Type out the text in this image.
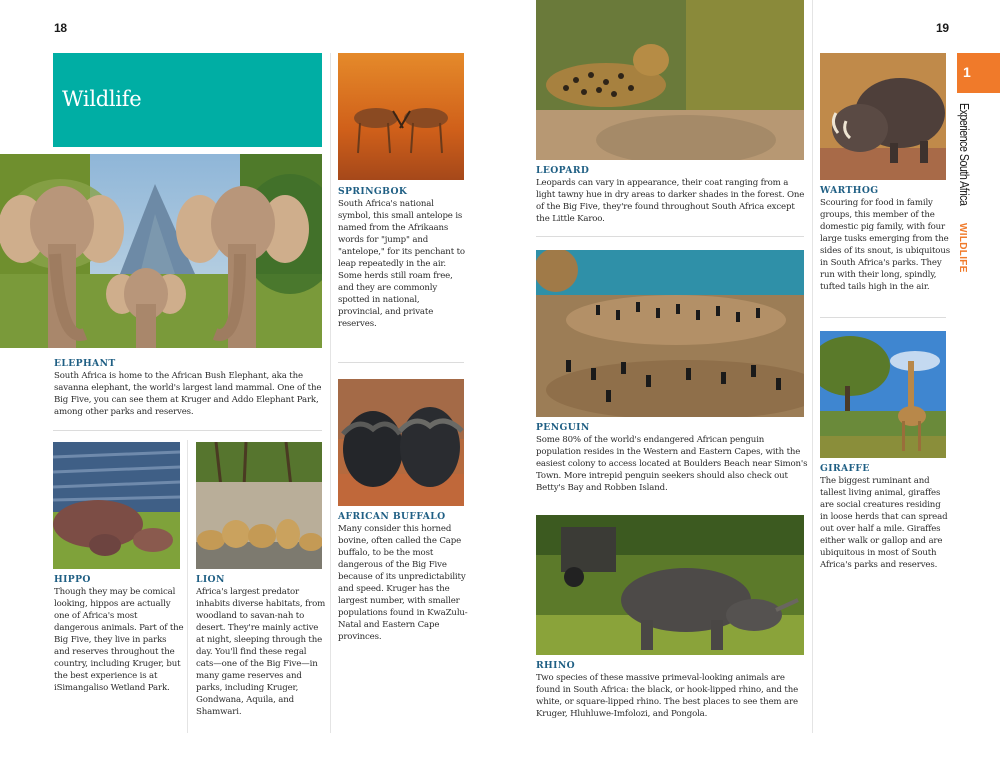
18	19
Wildlife
1
Experience South Africa WILDLIFE
ELEPHANT

South Africa is home to the African Bush Elephant, aka the savanna elephant, the world's largest land mammal. One of the Big Five, you can see them at Kruger and Addo Elephant Park, among other parks and reserves.

HIPPO

Though they may be comical looking, hippos are actually one of Africa's most dangerous animals. Part of the Big Five, they live in parks and reserves throughout the country, including Kruger, but the best experience is at iSimangaliso Wetland Park.

LION

Africa's largest predator inhabits diverse habitats, from woodland to savan-nah to desert. They're mainly active at night, sleeping through the day. You'll find these regal cats—one of the Big Five—in many game reserves and parks, including Kruger, Gondwana, Aquila, and Shamwari.

SPRINGBOK

South Africa's national symbol, this small antelope is named from the Afrikaans words for "jump" and "antelope," for its penchant to leap repeatedly in the air. Some herds still roam free, and they are commonly spotted in national, provincial, and private reserves.

AFRICAN BUFFALO

Many consider this horned bovine, often called the Cape buffalo, to be the most dangerous of the Big Five because of its unpredictability and speed. Kruger has the largest number, with smaller populations found in KwaZulu-Natal and Eastern Cape provinces.

LEOPARD

Leopards can vary in appearance, their coat ranging from a light tawny hue in dry areas to darker shades in the forest. One of the Big Five, they're found throughout South Africa except the Little Karoo.

PENGUIN

Some 80% of the world's endangered African penguin population resides in the Western and Eastern Capes, with the easiest colony to access located at Boulders Beach near Simon's Town. More intrepid penguin seekers should also check out Betty's Bay and Robben Island.

RHINO

Two species of these massive primeval-looking animals are found in South Africa: the black, or hook-lipped rhino, and the white, or square-lipped rhino. The best places to see them are Kruger, Hluhluwe-Imfolozi, and Pongola.

WARTHOG

Scouring for food in family groups, this member of the domestic pig family, with four large tusks emerging from the sides of its snout, is ubiquitous in South Africa's parks. They run with their long, spindly, tufted tails high in the air.

GIRAFFE

The biggest ruminant and tallest living animal, giraffes are social creatures residing in loose herds that can spread out over half a mile. Giraffes either walk or gallop and are ubiquitous in most of South Africa's parks and reserves.
